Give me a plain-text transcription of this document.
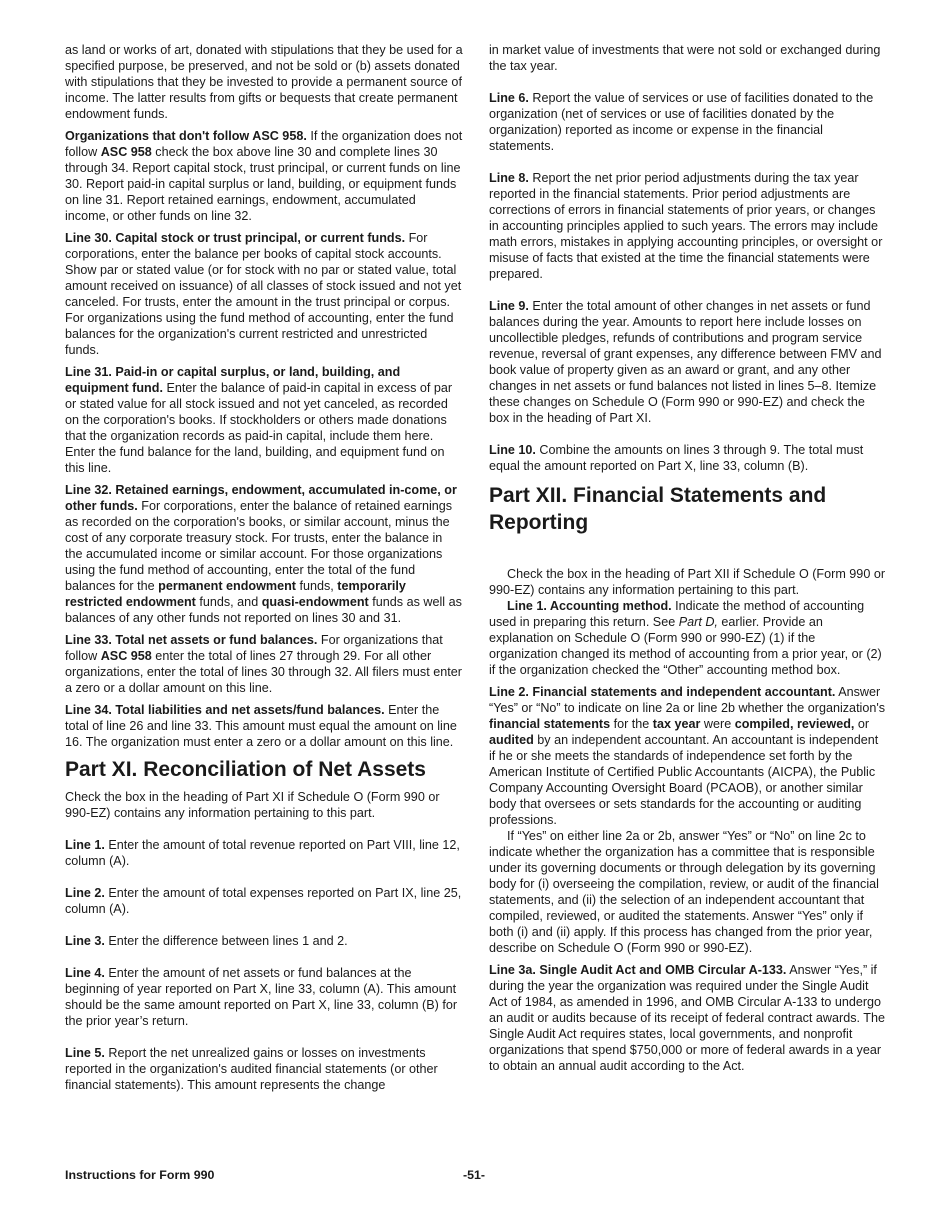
as land or works of art, donated with stipulations that they be used for a specified purpose, be preserved, and not be sold or (b) assets donated with stipulations that they be invested to provide a permanent source of income. The latter results from gifts or bequests that create permanent endowment funds.

Organizations that don't follow ASC 958. If the organization does not follow ASC 958 check the box above line 30 and complete lines 30 through 34. Report capital stock, trust principal, or current funds on line 30. Report paid-in capital surplus or land, building, or equipment funds on line 31. Report retained earnings, endowment, accumulated income, or other funds on line 32.

Line 30. Capital stock or trust principal, or current funds. For corporations, enter the balance per books of capital stock accounts. Show par or stated value (or for stock with no par or stated value, total amount received on issuance) of all classes of stock issued and not yet canceled. For trusts, enter the amount in the trust principal or corpus. For organizations using the fund method of accounting, enter the fund balances for the organization's current restricted and unrestricted funds.

Line 31. Paid-in or capital surplus, or land, building, and equipment fund. Enter the balance of paid-in capital in excess of par or stated value for all stock issued and not yet canceled, as recorded on the corporation's books. If stockholders or others made donations that the organization records as paid-in capital, include them here. Enter the fund balance for the land, building, and equipment fund on this line.

Line 32. Retained earnings, endowment, accumulated in-come, or other funds. For corporations, enter the balance of retained earnings as recorded on the corporation's books, or similar account, minus the cost of any corporate treasury stock. For trusts, enter the balance in the accumulated income or similar account. For those organizations using the fund method of accounting, enter the total of the fund balances for the permanent endowment funds, temporarily restricted endowment funds, and quasi-endowment funds as well as balances of any other funds not reported on lines 30 and 31.

Line 33. Total net assets or fund balances. For organizations that follow ASC 958 enter the total of lines 27 through 29. For all other organizations, enter the total of lines 30 through 32. All filers must enter a zero or a dollar amount on this line.

Line 34. Total liabilities and net assets/fund balances. Enter the total of line 26 and line 33. This amount must equal the amount on line 16. The organization must enter a zero or a dollar amount on this line.

Part XI. Reconciliation of Net Assets

Check the box in the heading of Part XI if Schedule O (Form 990 or 990-EZ) contains any information pertaining to this part.

Line 1. Enter the amount of total revenue reported on Part VIII, line 12, column (A).

Line 2. Enter the amount of total expenses reported on Part IX, line 25, column (A).

Line 3. Enter the difference between lines 1 and 2.

Line 4. Enter the amount of net assets or fund balances at the beginning of year reported on Part X, line 33, column (A). This amount should be the same amount reported on Part X, line 33, column (B) for the prior year’s return.

Line 5. Report the net unrealized gains or losses on investments reported in the organization's audited financial statements (or other financial statements). This amount represents the change

in market value of investments that were not sold or exchanged during the tax year.

Line 6. Report the value of services or use of facilities donated to the organization (net of services or use of facilities donated by the organization) reported as income or expense in the financial statements.

Line 8. Report the net prior period adjustments during the tax year reported in the financial statements. Prior period adjustments are corrections of errors in financial statements of prior years, or changes in accounting principles applied to such years. The errors may include math errors, mistakes in applying accounting principles, or oversight or misuse of facts that existed at the time the financial statements were prepared.

Line 9. Enter the total amount of other changes in net assets or fund balances during the year. Amounts to report here include losses on uncollectible pledges, refunds of contributions and program service revenue, reversal of grant expenses, any difference between FMV and book value of property given as an award or grant, and any other changes in net assets or fund balances not listed in lines 5–8. Itemize these changes on Schedule O (Form 990 or 990-EZ) and check the box in the heading of Part XI.

Line 10. Combine the amounts on lines 3 through 9. The total must equal the amount reported on Part X, line 33, column (B).

Part XII. Financial Statements and Reporting

Check the box in the heading of Part XII if Schedule O (Form 990 or 990-EZ) contains any information pertaining to this part.

Line 1. Accounting method. Indicate the method of accounting used in preparing this return. See Part D, earlier. Provide an explanation on Schedule O (Form 990 or 990-EZ) (1) if the organization changed its method of accounting from a prior year, or (2) if the organization checked the “Other” accounting method box.

Line 2. Financial statements and independent accountant. Answer “Yes” or “No” to indicate on line 2a or line 2b whether the organization's financial statements for the tax year were compiled, reviewed, or audited by an independent accountant. An accountant is independent if he or she meets the standards of independence set forth by the American Institute of Certified Public Accountants (AICPA), the Public Company Accounting Oversight Board (PCAOB), or another similar body that oversees or sets standards for the accounting or auditing professions.

If “Yes” on either line 2a or 2b, answer “Yes” or “No” on line 2c to indicate whether the organization has a committee that is responsible under its governing documents or through delegation by its governing body for (i) overseeing the compilation, review, or audit of the financial statements, and (ii) the selection of an independent accountant that compiled, reviewed, or audited the statements. Answer “Yes” only if both (i) and (ii) apply. If this process has changed from the prior year, describe on Schedule O (Form 990 or 990-EZ).

Line 3a. Single Audit Act and OMB Circular A-133. Answer “Yes,” if during the year the organization was required under the Single Audit Act of 1984, as amended in 1996, and OMB Circular A-133 to undergo an audit or audits because of its receipt of federal contract awards. The Single Audit Act requires states, local governments, and nonprofit organizations that spend $750,000 or more of federal awards in a year to obtain an annual audit according to the Act.

Instructions for Form 990	-51-
